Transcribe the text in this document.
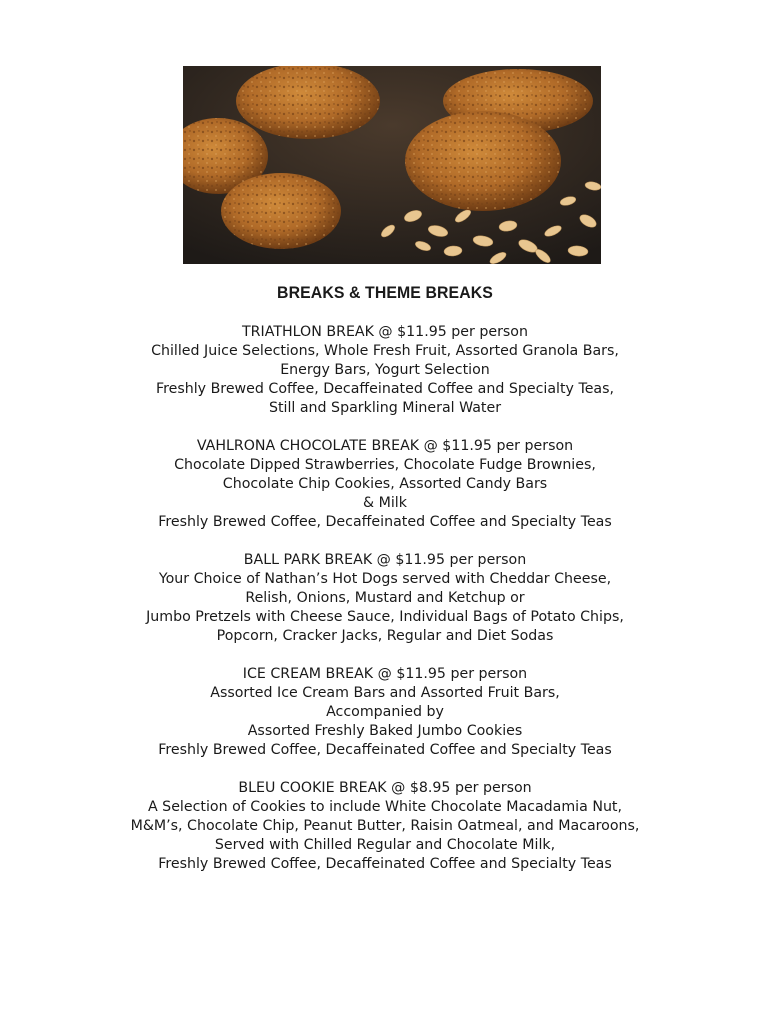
BREAKS & THEME BREAKS
TRIATHLON BREAK @ $11.95 per person
Chilled Juice Selections, Whole Fresh Fruit, Assorted Granola Bars,
Energy Bars, Yogurt Selection
Freshly Brewed Coffee, Decaffeinated Coffee and Specialty Teas,
Still and Sparkling Mineral Water
VAHLRONA CHOCOLATE BREAK @ $11.95 per person
Chocolate Dipped Strawberries, Chocolate Fudge Brownies,
Chocolate Chip Cookies, Assorted Candy Bars
& Milk
Freshly Brewed Coffee, Decaffeinated Coffee and Specialty Teas
BALL PARK BREAK @ $11.95 per person
Your Choice of Nathan’s Hot Dogs served with Cheddar Cheese,
Relish, Onions, Mustard and Ketchup or
Jumbo Pretzels with Cheese Sauce, Individual Bags of Potato Chips,
Popcorn, Cracker Jacks, Regular and Diet Sodas
ICE CREAM BREAK @ $11.95 per person
Assorted Ice Cream Bars and Assorted Fruit Bars,
Accompanied by
Assorted Freshly Baked Jumbo Cookies
Freshly Brewed Coffee, Decaffeinated Coffee and Specialty Teas
BLEU COOKIE BREAK @ $8.95 per person
A Selection of Cookies to include White Chocolate Macadamia Nut,
M&M’s, Chocolate Chip, Peanut Butter, Raisin Oatmeal, and Macaroons,
Served with Chilled Regular and Chocolate Milk,
Freshly Brewed Coffee, Decaffeinated Coffee and Specialty Teas
